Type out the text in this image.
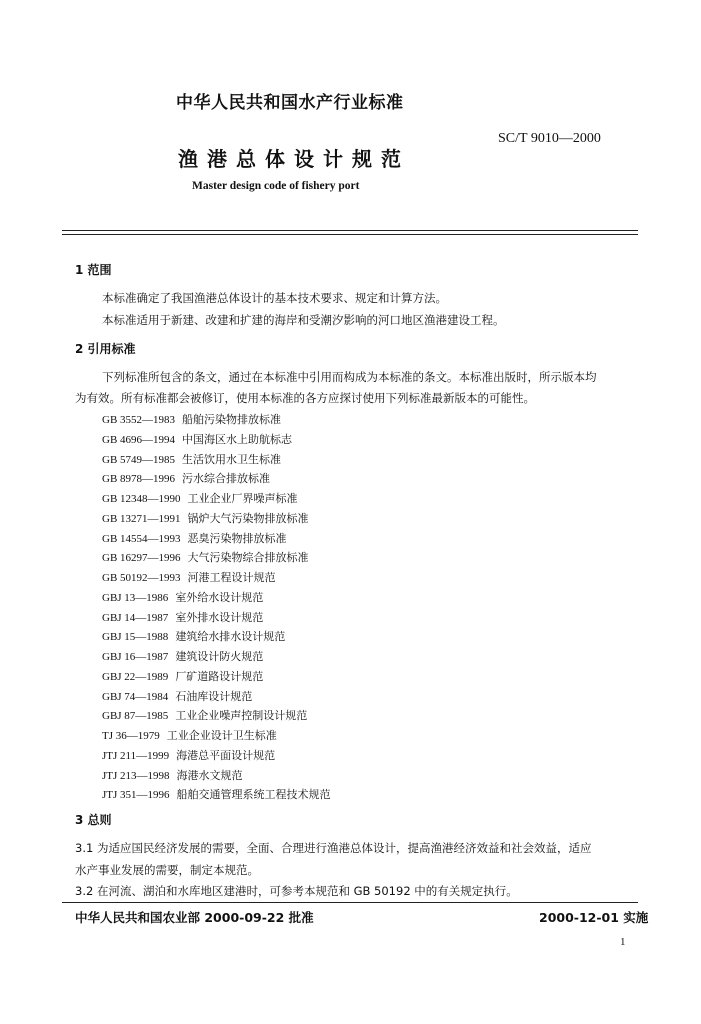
中华人民共和国水产行业标准
SC/T 9010—2000
渔港总体设计规范
Master design code of fishery port
1 范围
本标准确定了我国渔港总体设计的基本技术要求、规定和计算方法。
本标准适用于新建、改建和扩建的海岸和受潮汐影响的河口地区渔港建设工程。
2 引用标准
下列标准所包含的条文，通过在本标准中引用而构成为本标准的条文。本标准出版时，所示版本均
为有效。所有标准都会被修订，使用本标准的各方应探讨使用下列标准最新版本的可能性。
GB 3552—1983 船舶污染物排放标准
GB 4696—1994 中国海区水上助航标志
GB 5749—1985 生活饮用水卫生标准
GB 8978—1996 污水综合排放标准
GB 12348—1990 工业企业厂界噪声标准
GB 13271—1991 锅炉大气污染物排放标准
GB 14554—1993 恶臭污染物排放标准
GB 16297—1996 大气污染物综合排放标准
GB 50192—1993 河港工程设计规范
GBJ 13—1986 室外给水设计规范
GBJ 14—1987 室外排水设计规范
GBJ 15—1988 建筑给水排水设计规范
GBJ 16—1987 建筑设计防火规范
GBJ 22—1989 厂矿道路设计规范
GBJ 74—1984 石油库设计规范
GBJ 87—1985 工业企业噪声控制设计规范
TJ 36—1979 工业企业设计卫生标准
JTJ 211—1999 海港总平面设计规范
JTJ 213—1998 海港水文规范
JTJ 351—1996 船舶交通管理系统工程技术规范
3 总则
3.1 为适应国民经济发展的需要，全面、合理进行渔港总体设计，提高渔港经济效益和社会效益，适应
水产事业发展的需要，制定本规范。
3.2 在河流、湖泊和水库地区建港时，可参考本规范和 GB 50192 中的有关规定执行。
中华人民共和国农业部 2000-09-22 批准	2000-12-01 实施
1
